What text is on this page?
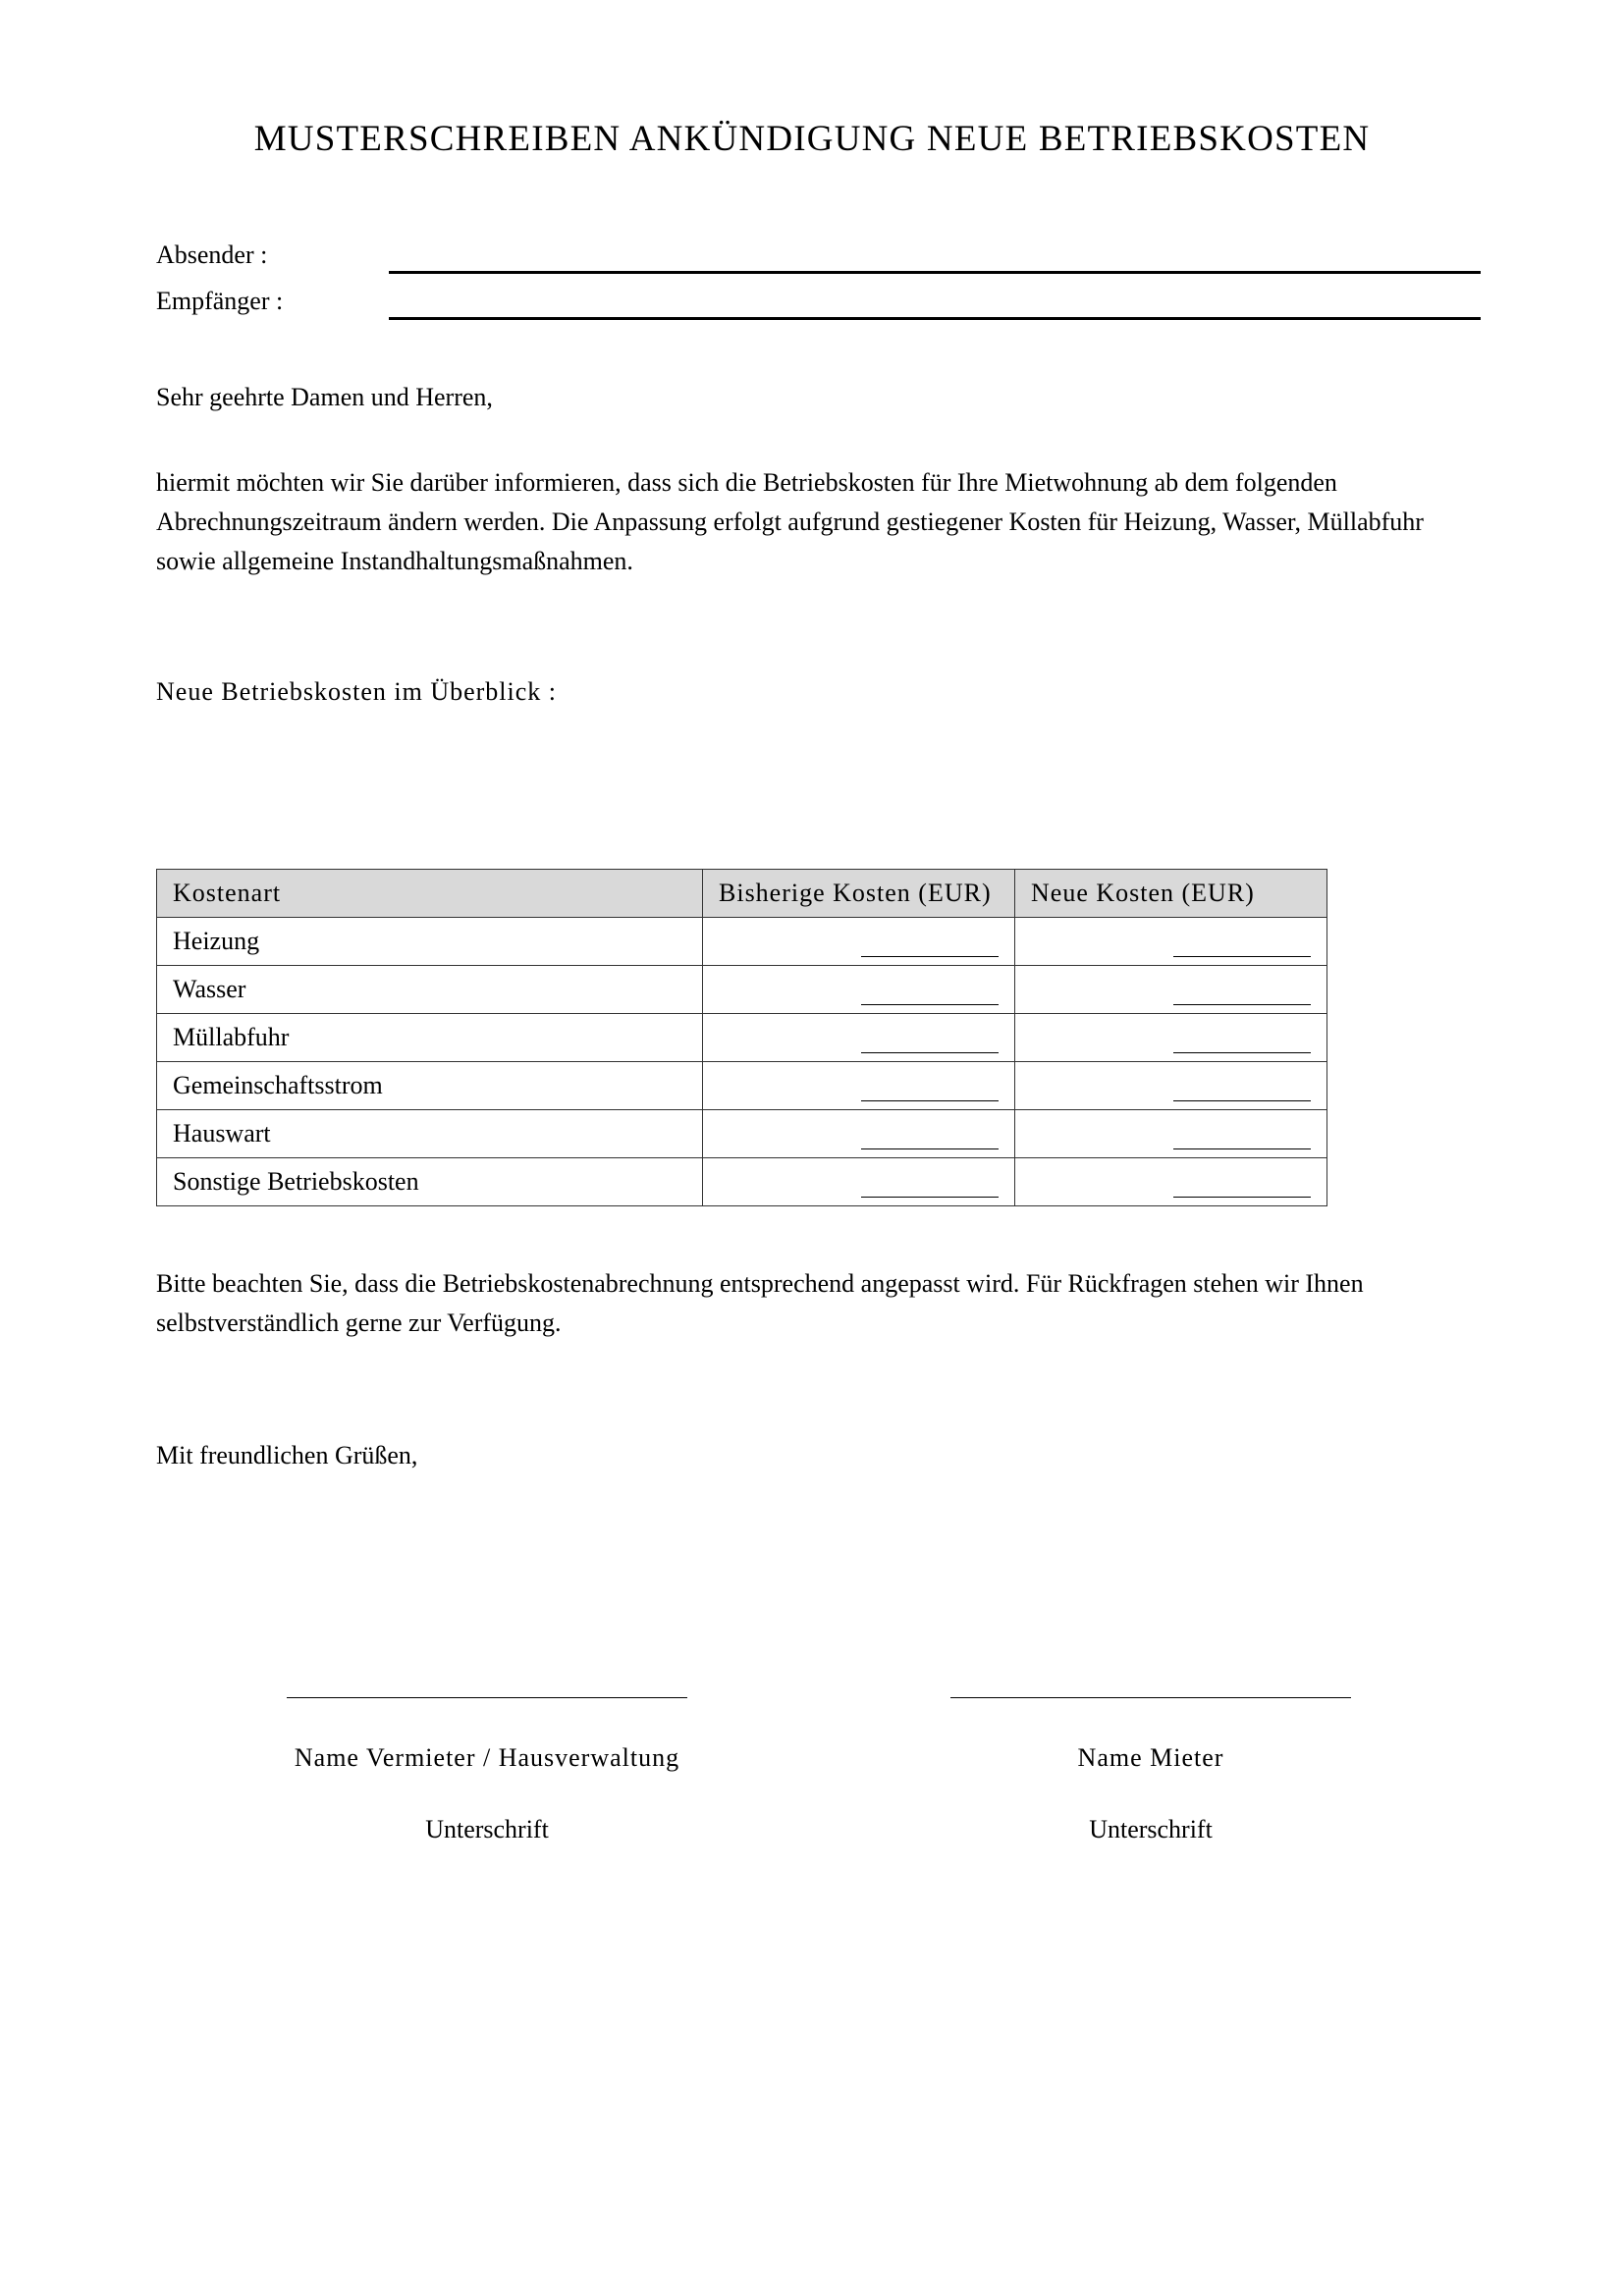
MUSTERSCHREIBEN ANKÜNDIGUNG NEUE BETRIEBSKOSTEN
Absender :
Empfänger :
Sehr geehrte Damen und Herren,
hiermit möchten wir Sie darüber informieren, dass sich die Betriebskosten für Ihre Mietwohnung ab dem folgenden Abrechnungszeitraum ändern werden. Die Anpassung erfolgt aufgrund gestiegener Kosten für Heizung, Wasser, Müllabfuhr sowie allgemeine Instandhaltungsmaßnahmen.
Neue Betriebskosten im Überblick :
Kostenart	Bisherige Kosten (EUR)	Neue Kosten (EUR)
Heizung		
Wasser		
Müllabfuhr		
Gemeinschaftsstrom		
Hauswart		
Sonstige Betriebskosten		
Bitte beachten Sie, dass die Betriebskostenabrechnung entsprechend angepasst wird. Für Rückfragen stehen wir Ihnen selbstverständlich gerne zur Verfügung.
Mit freundlichen Grüßen,
Name Vermieter / Hausverwaltung
Unterschrift
Name Mieter
Unterschrift
